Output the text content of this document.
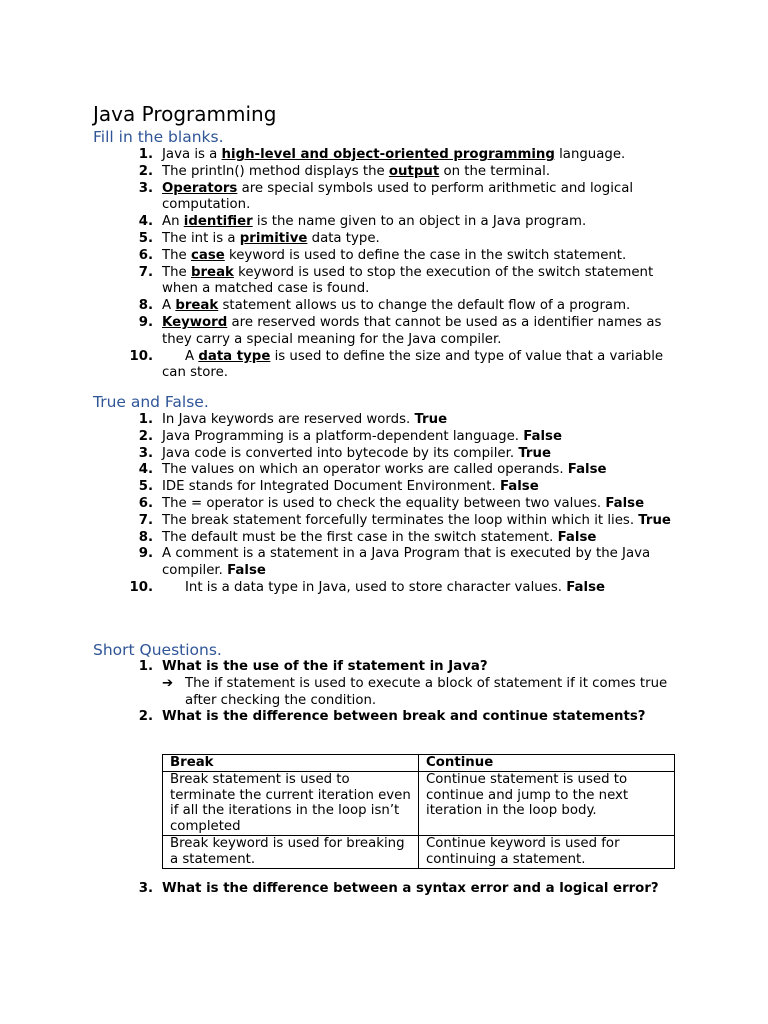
Java Programming
Fill in the blanks.
1. Java is a high-level and object-oriented programming language.
2. The println() method displays the output on the terminal.
3. Operators are special symbols used to perform arithmetic and logical computation.
4. An identifier is the name given to an object in a Java program.
5. The int is a primitive data type.
6. The case keyword is used to define the case in the switch statement.
7. The break keyword is used to stop the execution of the switch statement when a matched case is found.
8. A break statement allows us to change the default flow of a program.
9. Keyword are reserved words that cannot be used as a identifier names as they carry a special meaning for the Java compiler.
10. A data type is used to define the size and type of value that a variable can store.
True and False.
1. In Java keywords are reserved words. True
2. Java Programming is a platform-dependent language. False
3. Java code is converted into bytecode by its compiler. True
4. The values on which an operator works are called operands. False
5. IDE stands for Integrated Document Environment. False
6. The = operator is used to check the equality between two values. False
7. The break statement forcefully terminates the loop within which it lies. True
8. The default must be the first case in the switch statement. False
9. A comment is a statement in a Java Program that is executed by the Java compiler. False
10. Int is a data type in Java, used to store character values. False
Short Questions.
1. What is the use of the if statement in Java?
➔ The if statement is used to execute a block of statement if it comes true after checking the condition.
2. What is the difference between break and continue statements?
Break	Continue
Break statement is used to terminate the current iteration even if all the iterations in the loop isn’t completed	Continue statement is used to continue and jump to the next iteration in the loop body.
Break keyword is used for breaking a statement.	Continue keyword is used for continuing a statement.
3. What is the difference between a syntax error and a logical error?
